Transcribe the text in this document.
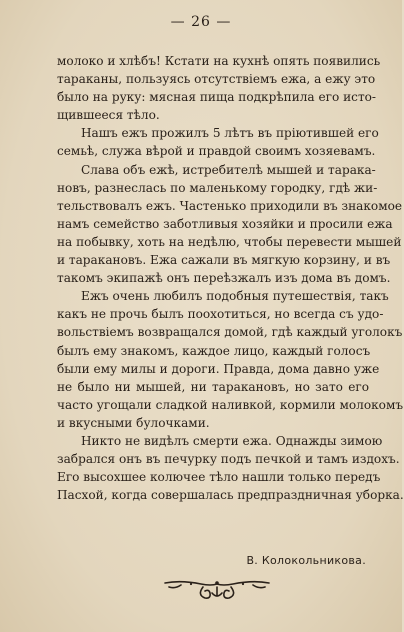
— 26 —
молоко и хлѣбъ! Кстати на кухнѣ опять появились
тараканы, пользуясь отсутствіемъ ежа, а ежу это
было на руку: мясная пища подкрѣпила его исто-
щившееся тѣло.
Нашъ ежъ прожилъ 5 лѣтъ въ пріютившей его
семьѣ, служа вѣрой и правдой своимъ хозяевамъ.
Слава объ ежѣ, истребителѣ мышей и тарака-
новъ, разнеслась по маленькому городку, гдѣ жи-
тельствовалъ ежъ. Частенько приходили въ знакомое
намъ семейство заботливыя хозяйки и просили ежа
на побывку, хоть на недѣлю, чтобы перевести мышей
и таракановъ. Ежа сажали въ мягкую корзину, и въ
такомъ экипажѣ онъ переѣзжалъ изъ дома въ домъ.
Ежъ очень любилъ подобныя путешествія, такъ
какъ не прочь былъ поохотиться, но всегда съ удо-
вольствіемъ возвращался домой, гдѣ каждый уголокъ
былъ ему знакомъ, каждое лицо, каждый голосъ
были ему милы и дороги. Правда, дома давно уже
не было ни мышей, ни таракановъ, но зато его
часто угощали сладкой наливкой, кормили молокомъ
и вкусными булочками.
Никто не видѣлъ смерти ежа. Однажды зимою
забрался онъ въ печурку подъ печкой и тамъ издохъ.
Его высохшее колючее тѣло нашли только передъ
Пасхой, когда совершалась предпраздничная уборка.
В. Колокольникова.
